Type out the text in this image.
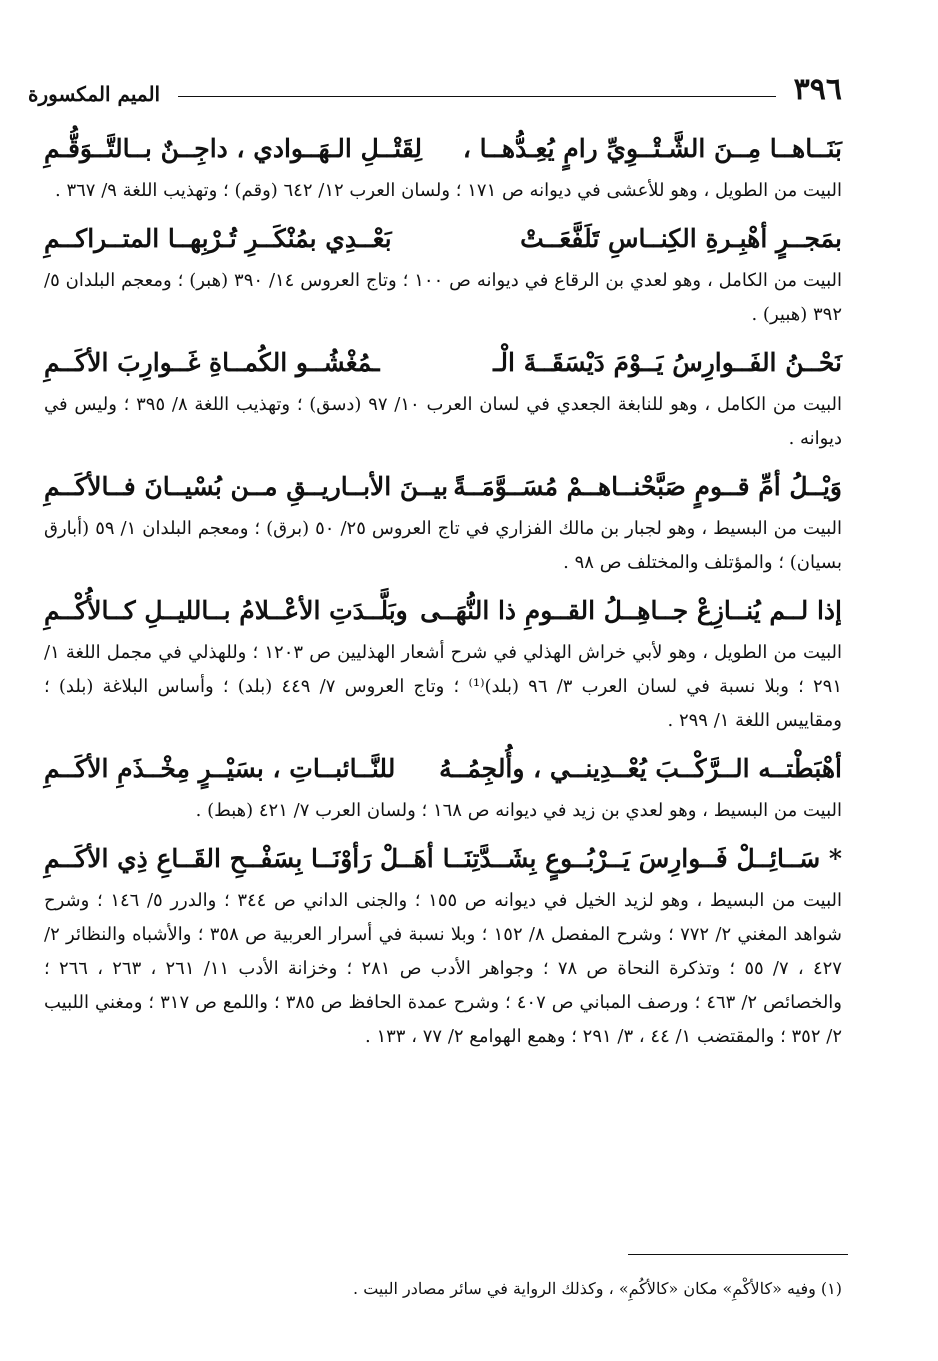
٣٩٦
الميم المكسورة
بَنَــاهــا مِــنَ الشَّـتْــوِيِّ رامٍ يُعِـدُّهــا ،
لِقَتْــلِ الـهَــوادي ، داجِــنٌ بــالتَّــوَقُّـمِ

البيت من الطويل ، وهو للأعشى في ديوانه ص ١٧١ ؛ ولسان العرب ١٢/ ٦٤٢ (وقم) ؛ وتهذيب اللغة ٩/ ٣٦٧ .

بمَجــرٍ أهْبِـرةِ الكِنــاسِ تَلَفَّعَــتْ
بَعْــدِي بمُنْكَــرِ تُـرْبِهــا المتــراكــمِ

البيت من الكامل ، وهو لعدي بن الرقاع في ديوانه ص ١٠٠ ؛ وتاج العروس ١٤/ ٣٩٠ (هبر) ؛ ومعجم البلدان ٥/ ٣٩٢ (هبير) .

نَحْــنُ الفَــوارِسُ يَــوْمَ دَيْسَقَــةَ الْـ
ـمُغْشُــو الكُمــاةِ غَــوارِبَ الأكَــمِ

البيت من الكامل ، وهو للنابغة الجعدي في لسان العرب ١٠/ ٩٧ (دسق) ؛ وتهذيب اللغة ٨/ ٣٩٥ ؛ وليس في ديوانه .

وَيْــلُ أمِّ قــومٍ صَبَّحْنــاهــمْ مُسَــوَّمَــةً
بيــنَ الأبــاريــقِ مــن بُسْيــانَ فــالأكَــمِ

البيت من البسيط ، وهو لجبار بن مالك الفزاري في تاج العروس ٢٥/ ٥٠ (برق) ؛ ومعجم البلدان ١/ ٥٩ (أبارق بسيان) ؛ والمؤتلف والمختلف ص ٩٨ .

إذا لــم يُنــازِعْ جــاهِــلُ القــومِ ذا النُّهَــى
وبَلَّــدَتِ الأعْــلامُ بــالليــلِ كــالأُكْــمِ

البيت من الطويل ، وهو لأبي خراش الهذلي في شرح أشعار الهذليين ص ١٢٠٣ ؛ وللهذلي في مجمل اللغة ١/ ٢٩١ ؛ وبلا نسبة في لسان العرب ٣/ ٩٦ (بلد)⁽¹⁾ ؛ وتاج العروس ٧/ ٤٤٩ (بلد) ؛ وأساس البلاغة (بلد) ؛ ومقاييس اللغة ١/ ٢٩٩ .

أهْبَطْتــه الــرَّكْــبَ يُعْــدِينــي ، وأُلجِمُــهُ
للنَّــائبــاتِ ، بسَيْــرٍ مِخْــذَمِ الأكَــمِ

البيت من البسيط ، وهو لعدي بن زيد في ديوانه ص ١٦٨ ؛ ولسان العرب ٧/ ٤٢١ (هبط) .

* سَــائِــلْ فَــوارِسَ يَــرْبُــوعٍ بِشَــدَّتِنَــا
أهَــلْ رَأوْنَــا بِسَفْــحِ القَــاعِ ذِي الأكَــمِ

البيت من البسيط ، وهو لزيد الخيل في ديوانه ص ١٥٥ ؛ والجنى الداني ص ٣٤٤ ؛ والدرر ٥/ ١٤٦ ؛ وشرح شواهد المغني ٢/ ٧٧٢ ؛ وشرح المفصل ٨/ ١٥٢ ؛ وبلا نسبة في أسرار العربية ص ٣٥٨ ؛ والأشباه والنظائر ٢/ ٤٢٧ ، ٧/ ٥٥ ؛ وتذكرة النحاة ص ٧٨ ؛ وجواهر الأدب ص ٢٨١ ؛ وخزانة الأدب ١١/ ٢٦١ ، ٢٦٣ ، ٢٦٦ ؛ والخصائص ٢/ ٤٦٣ ؛ ورصف المباني ص ٤٠٧ ؛ وشرح عمدة الحافظ ص ٣٨٥ ؛ واللمع ص ٣١٧ ؛ ومغني اللبيب ٢/ ٣٥٢ ؛ والمقتضب ١/ ٤٤ ، ٣/ ٢٩١ ؛ وهمع الهوامع ٢/ ٧٧ ، ١٣٣ .

(١) وفيه «كالأكْمِ» مكان «كالأكُمِ» ، وكذلك الرواية في سائر مصادر البيت .
